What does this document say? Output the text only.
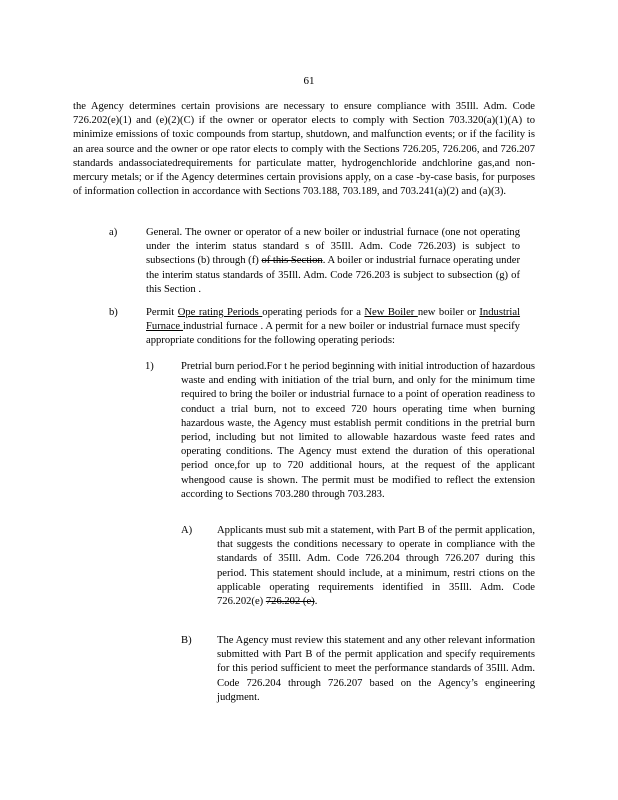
61
the Agency determines certain provisions are necessary to ensure compliance with 35Ill. Adm. Code 726.202(e)(1) and (e)(2)(C) if the owner or operator elects to comply with Section 703.320(a)(1)(A) to minimize emissions of toxic compounds from startup, shutdown, and malfunction events; or if the facility is an area source and the owner or ope rator elects to comply with the Sections 726.205, 726.206, and 726.207 standards andassociatedrequirements for particulate matter, hydrogenchloride andchlorine gas,and non- mercury metals; or if the Agency determines certain provisions apply, on a case -by-case basis, for purposes of information collection in accordance with Sections 703.188, 703.189, and 703.241(a)(2) and (a)(3).
a)	General. The owner or operator of a new boiler or industrial furnace (one not operating under the interim status standard s of 35Ill. Adm. Code 726.203) is subject to subsections (b) through (f) of this Section. A boiler or industrial furnace operating under the interim status standards of 35Ill. Adm. Code 726.203 is subject to subsection (g) of this Section .
b)	Permit Ope rating Periods operating periods for a New Boiler new boiler or Industrial Furnace industrial furnace . A permit for a new boiler or industrial furnace must specify appropriate conditions for the following operating periods:
1)	Pretrial burn period.For t he period beginning with initial introduction of hazardous waste and ending with initiation of the trial burn, and only for the minimum time required to bring the boiler or industrial furnace to a point of operation readiness to conduct a trial burn, not to exceed 720 hours operating time when burning hazardous waste, the Agency must establish permit conditions in the pretrial burn period, including but not limited to allowable hazardous waste feed rates and operating conditions. The Agency must extend the duration of this operational period once,for up to 720 additional hours, at the request of the applicant whengood cause is shown. The permit must be modified to reflect the extension according to Sections 703.280 through 703.283.
A) Applicants must sub mit a statement, with Part B of the permit application, that suggests the conditions necessary to operate in compliance with the standards of 35Ill. Adm. Code 726.204 through 726.207 during this period. This statement should include, at a minimum, restri ctions on the applicable operating requirements identified in 35Ill. Adm. Code 726.202(e) 726.202 (e).
B) The Agency must review this statement and any other relevant information submitted with Part B of the permit application and specify requirements for this period sufficient to meet the performance standards of 35Ill. Adm. Code 726.204 through 726.207 based on the Agency’s engineering judgment.
